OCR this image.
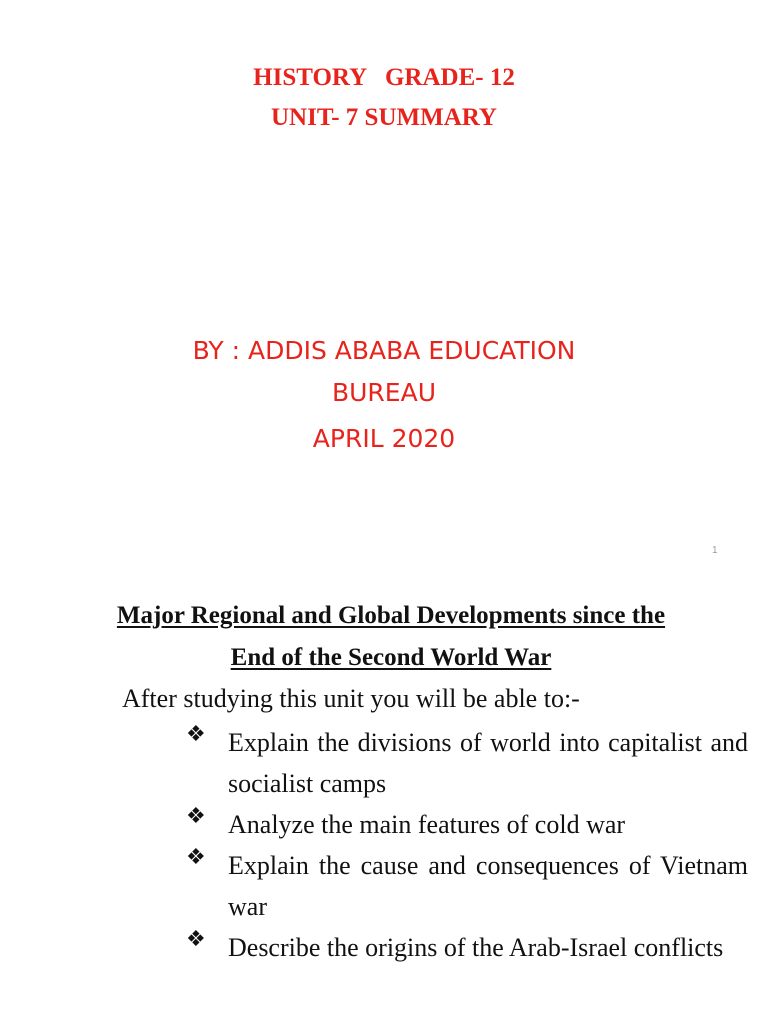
HISTORY   GRADE- 12

UNIT- 7 SUMMARY

BY : ADDIS ABABA EDUCATION

BUREAU

APRIL 2020

1

Major Regional and Global Developments since the

End of the Second World War

After studying this unit you will be able to:-

❖ Explain the divisions of world into capitalist and socialist camps
❖ Analyze the main features of cold war
❖ Explain the cause and consequences of Vietnam war
❖ Describe the origins of the Arab-Israel conflicts
